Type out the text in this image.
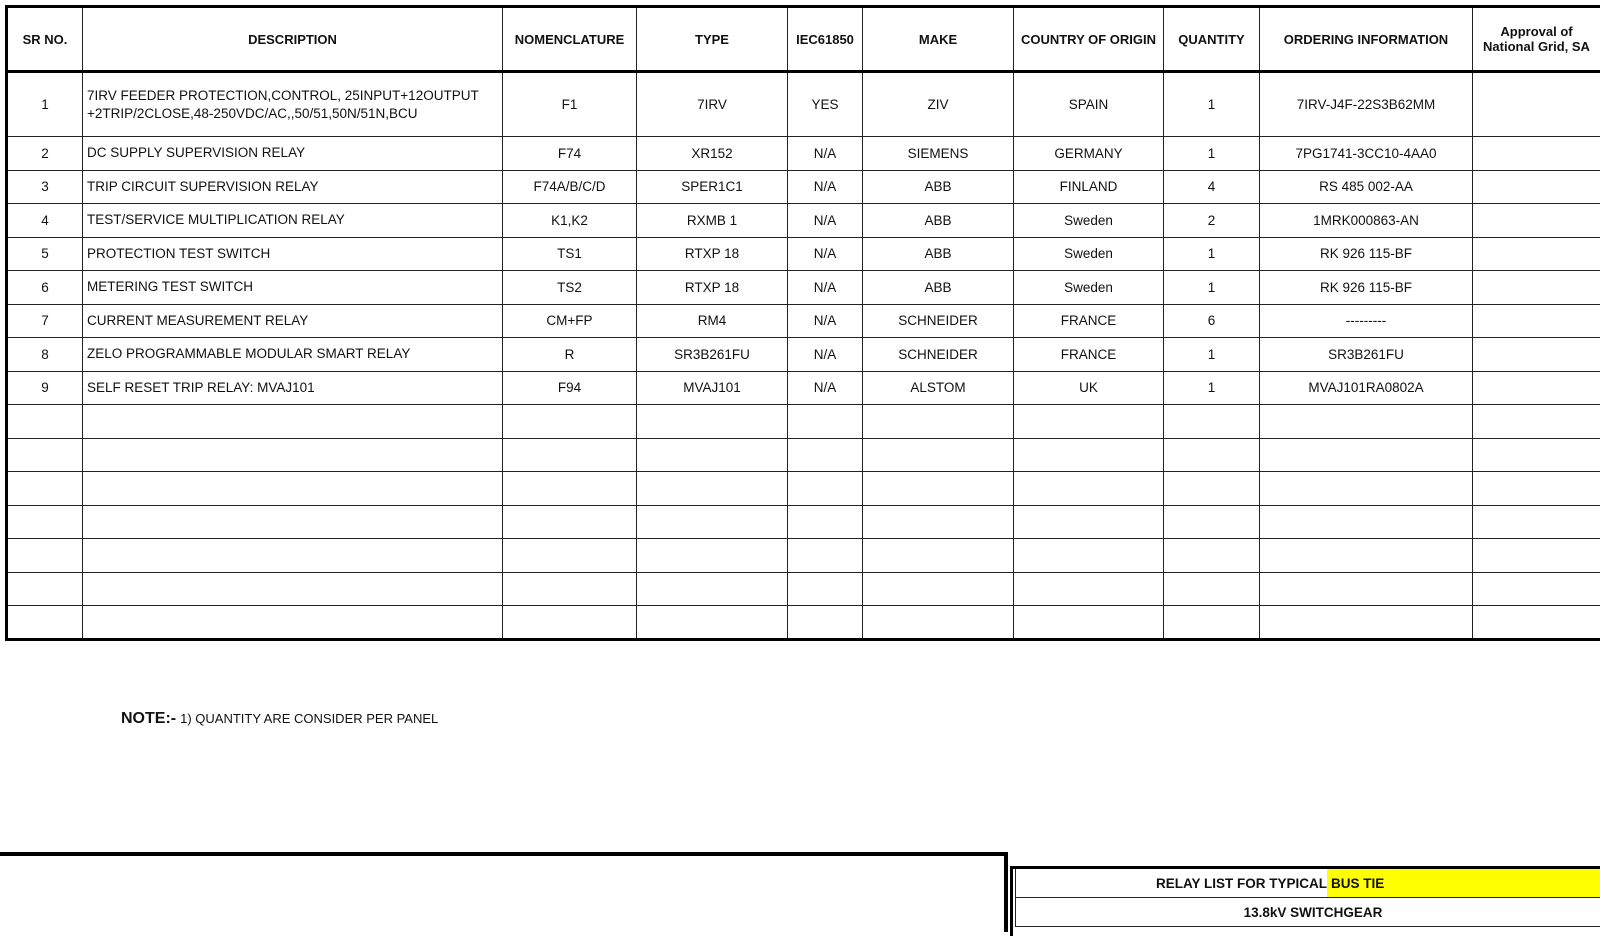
SR NO.	DESCRIPTION	NOMENCLATURE	TYPE	IEC61850	MAKE	COUNTRY OF ORIGIN	QUANTITY	ORDERING INFORMATION	Approval of National Grid, SA
1	7IRV FEEDER PROTECTION,CONTROL, 25INPUT+12OUTPUT +2TRIP/2CLOSE,48-250VDC/AC,,50/51,50N/51N,BCU	F1	7IRV	YES	ZIV	SPAIN	1	7IRV-J4F-22S3B62MM	
2	DC SUPPLY SUPERVISION RELAY	F74	XR152	N/A	SIEMENS	GERMANY	1	7PG1741-3CC10-4AA0	
3	TRIP CIRCUIT SUPERVISION RELAY	F74A/B/C/D	SPER1C1	N/A	ABB	FINLAND	4	RS 485 002-AA	
4	TEST/SERVICE MULTIPLICATION RELAY	K1,K2	RXMB 1	N/A	ABB	Sweden	2	1MRK000863-AN	
5	PROTECTION TEST SWITCH	TS1	RTXP 18	N/A	ABB	Sweden	1	RK 926 115-BF	
6	METERING TEST SWITCH	TS2	RTXP 18	N/A	ABB	Sweden	1	RK 926 115-BF	
7	CURRENT MEASUREMENT RELAY	CM+FP	RM4	N/A	SCHNEIDER	FRANCE	6	---------	
8	ZELO PROGRAMMABLE MODULAR SMART RELAY	R	SR3B261FU	N/A	SCHNEIDER	FRANCE	1	SR3B261FU	
9	SELF RESET TRIP RELAY: MVAJ101	F94	MVAJ101	N/A	ALSTOM	UK	1	MVAJ101RA0802A	

NOTE:- 1) QUANTITY ARE CONSIDER PER PANEL
RELAY LIST FOR TYPICAL BUS TIE
13.8kV SWITCHGEAR
